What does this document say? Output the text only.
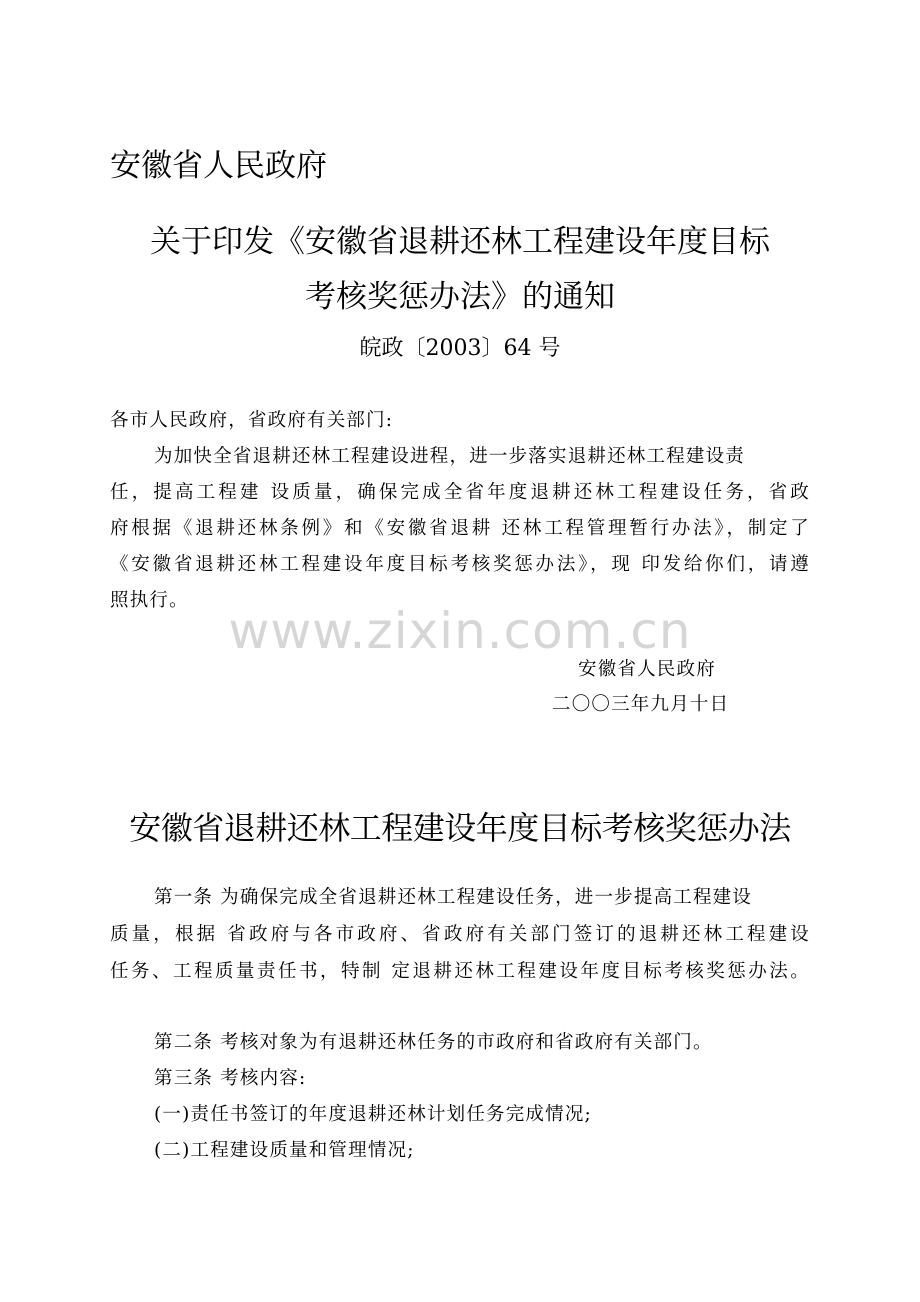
安徽省人民政府
关于印发《安徽省退耕还林工程建设年度目标
考核奖惩办法》的通知
皖政〔2003〕64 号
各市人民政府，省政府有关部门:
为加快全省退耕还林工程建设进程，进一步落实退耕还林工程建设责
任，提高工程建 设质量，确保完成全省年度退耕还林工程建设任务，省政
府根据《退耕还林条例》和《安徽省退耕 还林工程管理暂行办法》，制定了
《安徽省退耕还林工程建设年度目标考核奖惩办法》，现 印发给你们，请遵
照执行。
www.zixin.com.cn
安徽省人民政府
二〇〇三年九月十日
安徽省退耕还林工程建设年度目标考核奖惩办法
第一条 为确保完成全省退耕还林工程建设任务，进一步提高工程建设
质量，根据 省政府与各市政府、省政府有关部门签订的退耕还林工程建设
任务、工程质量责任书，特制 定退耕还林工程建设年度目标考核奖惩办法。
第二条 考核对象为有退耕还林任务的市政府和省政府有关部门。
第三条 考核内容:
(一)责任书签订的年度退耕还林计划任务完成情况;
(二)工程建设质量和管理情况;
